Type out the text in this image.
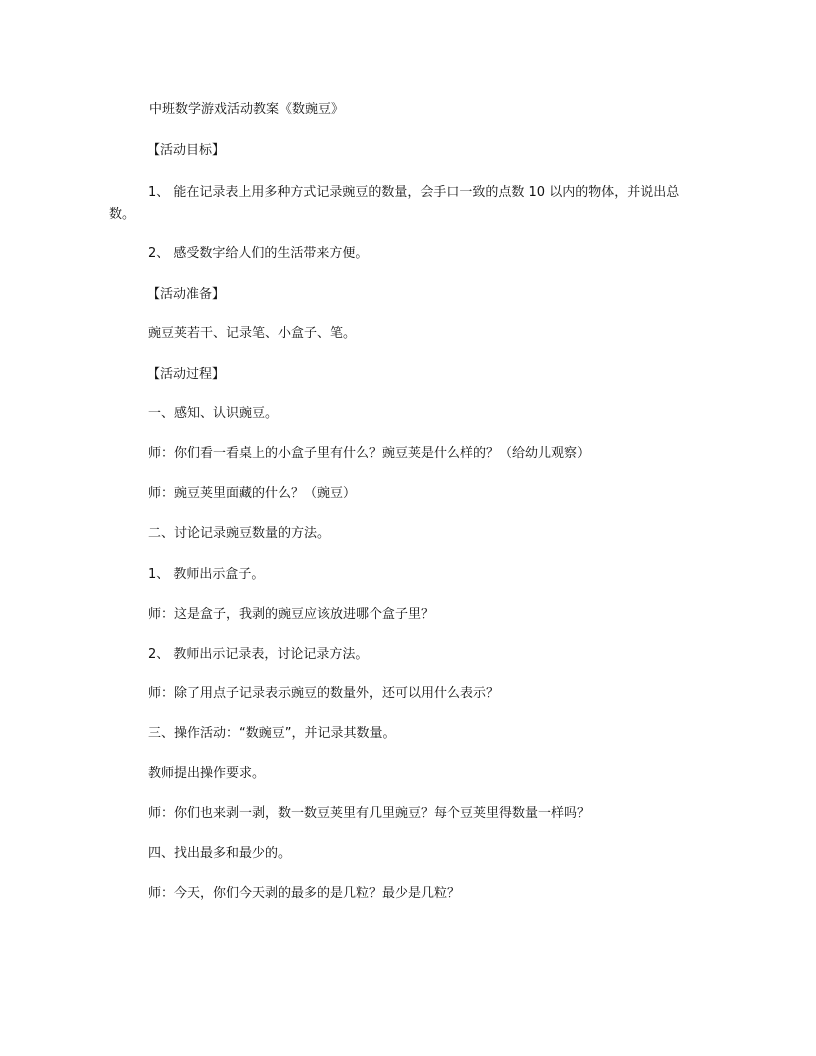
中班数学游戏活动教案《数豌豆》
【活动目标】
1、 能在记录表上用多种方式记录豌豆的数量，会手口一致的点数 10 以内的物体，并说出总数。
2、 感受数字给人们的生活带来方便。
【活动准备】
豌豆荚若干、记录笔、小盒子、笔。
【活动过程】
一、感知、认识豌豆。
师：你们看一看桌上的小盒子里有什么？豌豆荚是什么样的？（给幼儿观察）
师：豌豆荚里面藏的什么？（豌豆）
二、讨论记录豌豆数量的方法。
1、 教师出示盒子。
师：这是盒子，我剥的豌豆应该放进哪个盒子里？
2、 教师出示记录表，讨论记录方法。
师：除了用点子记录表示豌豆的数量外，还可以用什么表示？
三、操作活动：“数豌豆”，并记录其数量。
教师提出操作要求。
师：你们也来剥一剥，数一数豆荚里有几里豌豆？每个豆荚里得数量一样吗？
四、找出最多和最少的。
师：今天，你们今天剥的最多的是几粒？最少是几粒？
